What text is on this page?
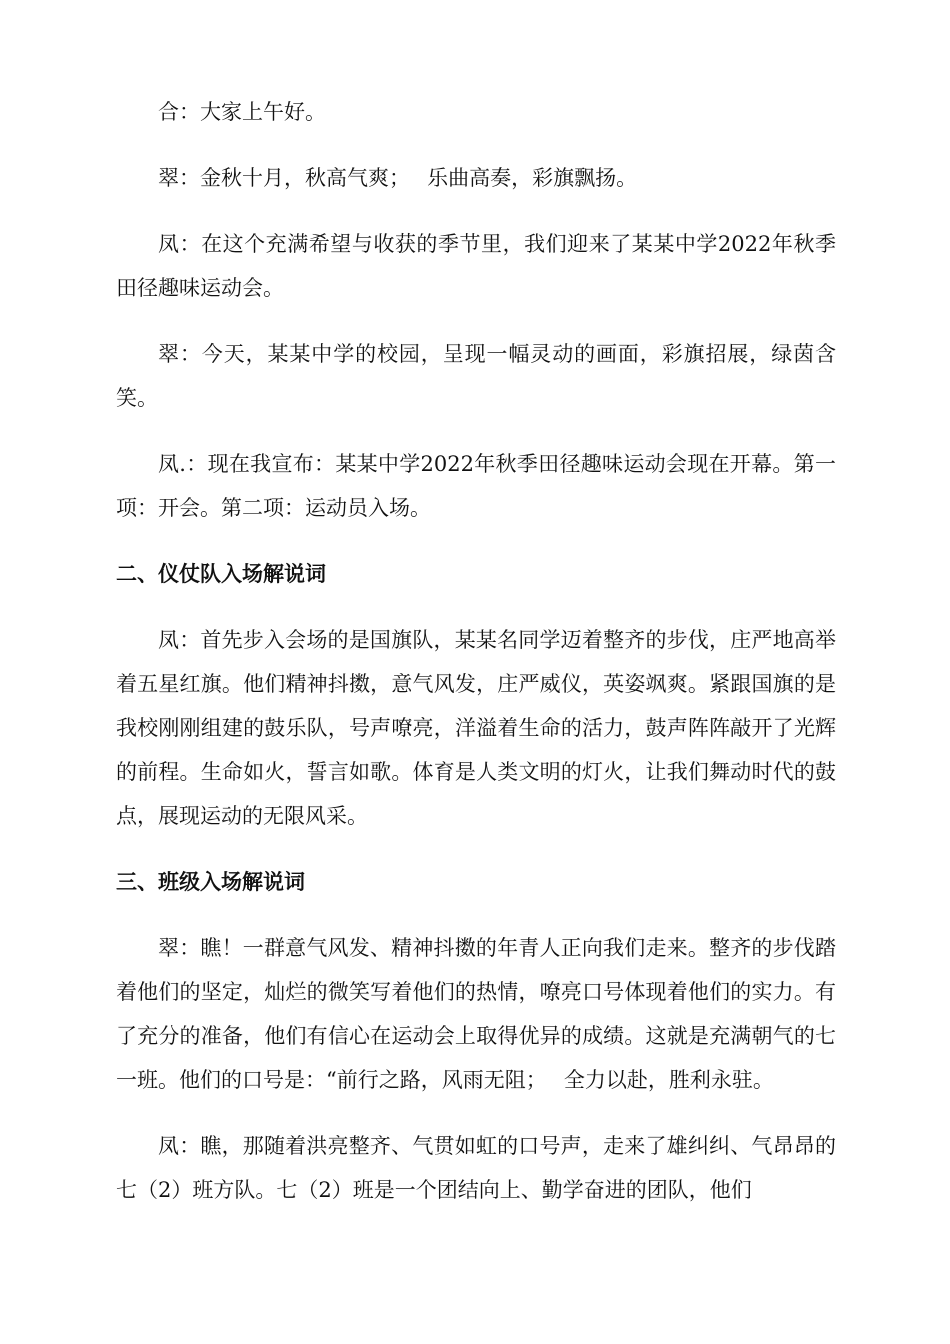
合：大家上午好。

翠：金秋十月，秋高气爽；　 乐曲高奏，彩旗飘扬。

凤：在这个充满希望与收获的季节里，我们迎来了某某中学2022年秋季田径趣味运动会。

翠：今天，某某中学的校园，呈现一幅灵动的画面，彩旗招展，绿茵含笑。

凤.：现在我宣布：某某中学2022年秋季田径趣味运动会现在开幕。第一项：开会。第二项：运动员入场。

二、仪仗队入场解说词

凤：首先步入会场的是国旗队，某某名同学迈着整齐的步伐，庄严地高举着五星红旗。他们精神抖擞，意气风发，庄严威仪，英姿飒爽。紧跟国旗的是我校刚刚组建的鼓乐队，号声嘹亮，洋溢着生命的活力，鼓声阵阵敲开了光辉的前程。生命如火，誓言如歌。体育是人类文明的灯火，让我们舞动时代的鼓点，展现运动的无限风采。

三、班级入场解说词

翠：瞧！一群意气风发、精神抖擞的年青人正向我们走来。整齐的步伐踏着他们的坚定，灿烂的微笑写着他们的热情，嘹亮口号体现着他们的实力。有了充分的准备，他们有信心在运动会上取得优异的成绩。这就是充满朝气的七一班。他们的口号是：“前行之路，风雨无阻；　 全力以赴，胜利永驻。

凤：瞧，那随着洪亮整齐、气贯如虹的口号声，走来了雄纠纠、气昂昂的七（2）班方队。七（2）班是一个团结向上、勤学奋进的团队，他们
